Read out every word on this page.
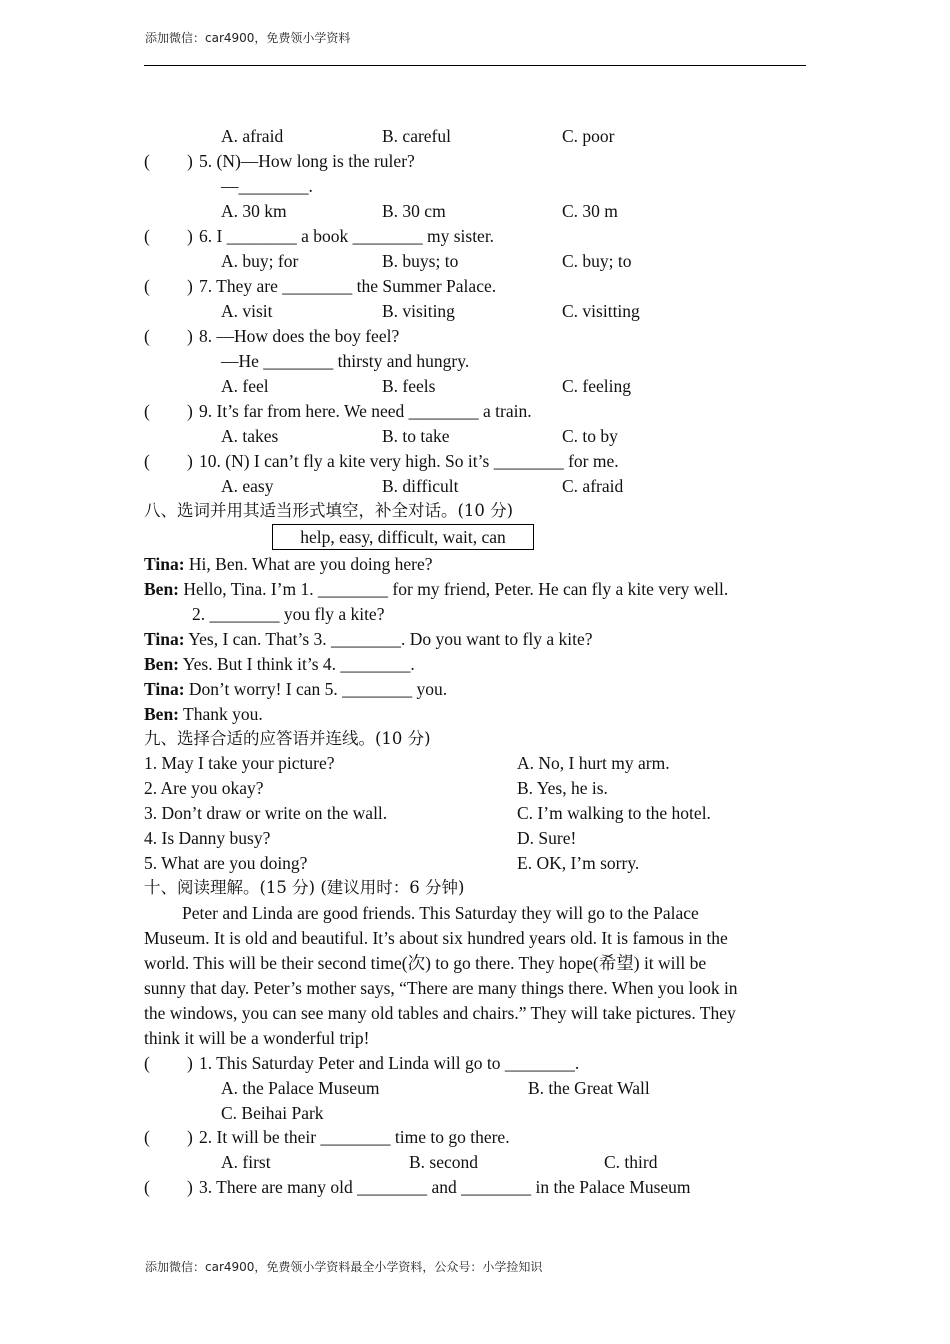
添加微信：car4900，免费领小学资料
A. afraid	B. careful	C. poor
( ) 5. (N)—How long is the ruler?
—________.
A. 30 km	B. 30 cm	C. 30 m
( ) 6. I ________ a book ________ my sister.
A. buy; for	B. buys; to	C. buy; to
( ) 7. They are ________ the Summer Palace.
A. visit	B. visiting	C. visitting
( ) 8. —How does the boy feel?
—He ________ thirsty and hungry.
A. feel	B. feels	C. feeling
( ) 9. It’s far from here. We need ________ a train.
A. takes	B. to take	C. to by
( ) 10. (N) I can’t fly a kite very high. So it’s ________ for me.
A. easy	B. difficult	C. afraid
八、选词并用其适当形式填空，补全对话。(10 分)
help, easy, difficult, wait, can
Tina: Hi, Ben. What are you doing here?
Ben: Hello, Tina. I’m 1. ________ for my friend, Peter. He can fly a kite very well.
2. ________ you fly a kite?
Tina: Yes, I can. That’s 3. ________. Do you want to fly a kite?
Ben: Yes. But I think it’s 4. ________.
Tina: Don’t worry! I can 5. ________ you.
Ben: Thank you.
九、选择合适的应答语并连线。(10 分)
1. May I take your picture?	A. No, I hurt my arm.
2. Are you okay?	B. Yes, he is.
3. Don’t draw or write on the wall.	C. I’m walking to the hotel.
4. Is Danny busy?	D. Sure!
5. What are you doing?	E. OK, I’m sorry.
十、阅读理解。(15 分) (建议用时：6 分钟)
Peter and Linda are good friends. This Saturday they will go to the Palace
Museum. It is old and beautiful. It’s about six hundred years old. It is famous in the
world. This will be their second time(次) to go there. They hope(希望) it will be
sunny that day. Peter’s mother says, “There are many things there. When you look in
the windows, you can see many old tables and chairs.” They will take pictures. They
think it will be a wonderful trip!
( ) 1. This Saturday Peter and Linda will go to ________.
A. the Palace Museum	B. the Great Wall
C. Beihai Park
( ) 2. It will be their ________ time to go there.
A. first	B. second	C. third
( ) 3. There are many old ________ and ________ in the Palace Museum
添加微信：car4900，免费领小学资料最全小学资料，公众号：小学捡知识
